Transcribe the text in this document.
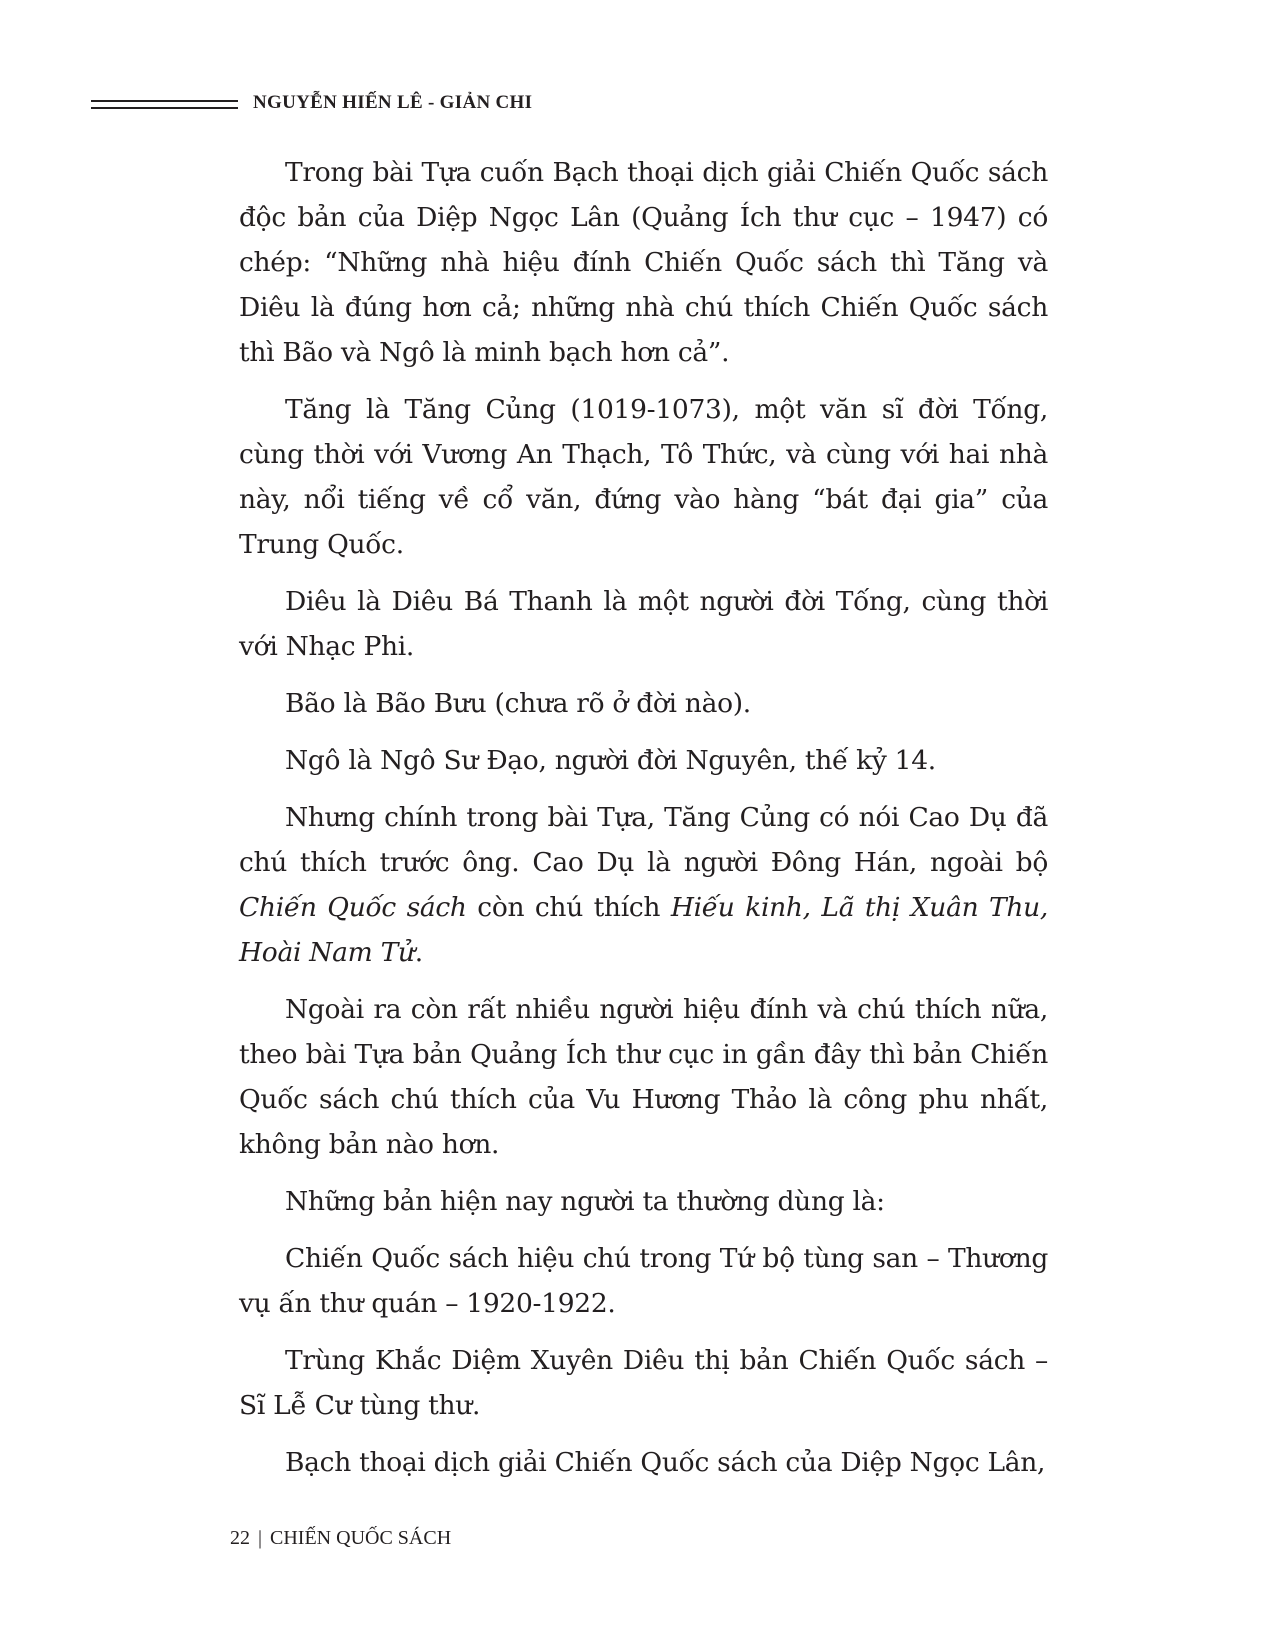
NGUYỄN HIẾN LÊ - GIẢN CHI

Trong bài Tựa cuốn Bạch thoại dịch giải Chiến Quốc sách độc bản của Diệp Ngọc Lân (Quảng Ích thư cục – 1947) có chép: “Những nhà hiệu đính Chiến Quốc sách thì Tăng và Diêu là đúng hơn cả; những nhà chú thích Chiến Quốc sách thì Bão và Ngô là minh bạch hơn cả”.

Tăng là Tăng Củng (1019-1073), một văn sĩ đời Tống, cùng thời với Vương An Thạch, Tô Thức, và cùng với hai nhà này, nổi tiếng về cổ văn, đứng vào hàng “bát đại gia” của Trung Quốc.

Diêu là Diêu Bá Thanh là một người đời Tống, cùng thời với Nhạc Phi.

Bão là Bão Bưu (chưa rõ ở đời nào).

Ngô là Ngô Sư Đạo, người đời Nguyên, thế kỷ 14.

Nhưng chính trong bài Tựa, Tăng Củng có nói Cao Dụ đã chú thích trước ông. Cao Dụ là người Đông Hán, ngoài bộ Chiến Quốc sách còn chú thích Hiếu kinh, Lã thị Xuân Thu, Hoài Nam Tử.

Ngoài ra còn rất nhiều người hiệu đính và chú thích nữa, theo bài Tựa bản Quảng Ích thư cục in gần đây thì bản Chiến Quốc sách chú thích của Vu Hương Thảo là công phu nhất, không bản nào hơn.

Những bản hiện nay người ta thường dùng là:

Chiến Quốc sách hiệu chú trong Tứ bộ tùng san – Thương vụ ấn thư quán – 1920-1922.

Trùng Khắc Diệm Xuyên Diêu thị bản Chiến Quốc sách – Sĩ Lễ Cư tùng thư.

Bạch thoại dịch giải Chiến Quốc sách của Diệp Ngọc Lân,

22 | CHIẾN QUỐC SÁCH
